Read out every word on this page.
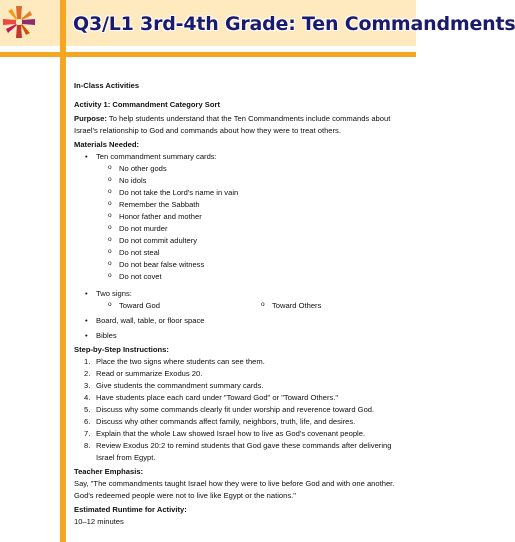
Q3/L1 3rd-4th Grade: Ten Commandments

In-Class Activities

Activity 1: Commandment Category Sort

Purpose: To help students understand that the Ten Commandments include commands about Israel's relationship to God and commands about how they were to treat others.

Materials Needed:

• Ten commandment summary cards:
o No other gods
o No idols
o Do not take the Lord's name in vain
o Remember the Sabbath
o Honor father and mother
o Do not murder
o Do not commit adultery
o Do not steal
o Do not bear false witness
o Do not covet
• Two signs:
o Toward God
o	Toward Others
• Board, wall, table, or floor space
• Bibles

Step-by-Step Instructions:

1. Place the two signs where students can see them.
2. Read or summarize Exodus 20.
3. Give students the commandment summary cards.
4. Have students place each card under "Toward God" or "Toward Others."
5. Discuss why some commands clearly fit under worship and reverence toward God.
6. Discuss why other commands affect family, neighbors, truth, life, and desires.
7. Explain that the whole Law showed Israel how to live as God's covenant people.
8. Review Exodus 20:2 to remind students that God gave these commands after delivering Israel from Egypt.

Teacher Emphasis:

Say, "The commandments taught Israel how they were to live before God and with one another. God's redeemed people were not to live like Egypt or the nations."

Estimated Runtime for Activity:

10–12 minutes
